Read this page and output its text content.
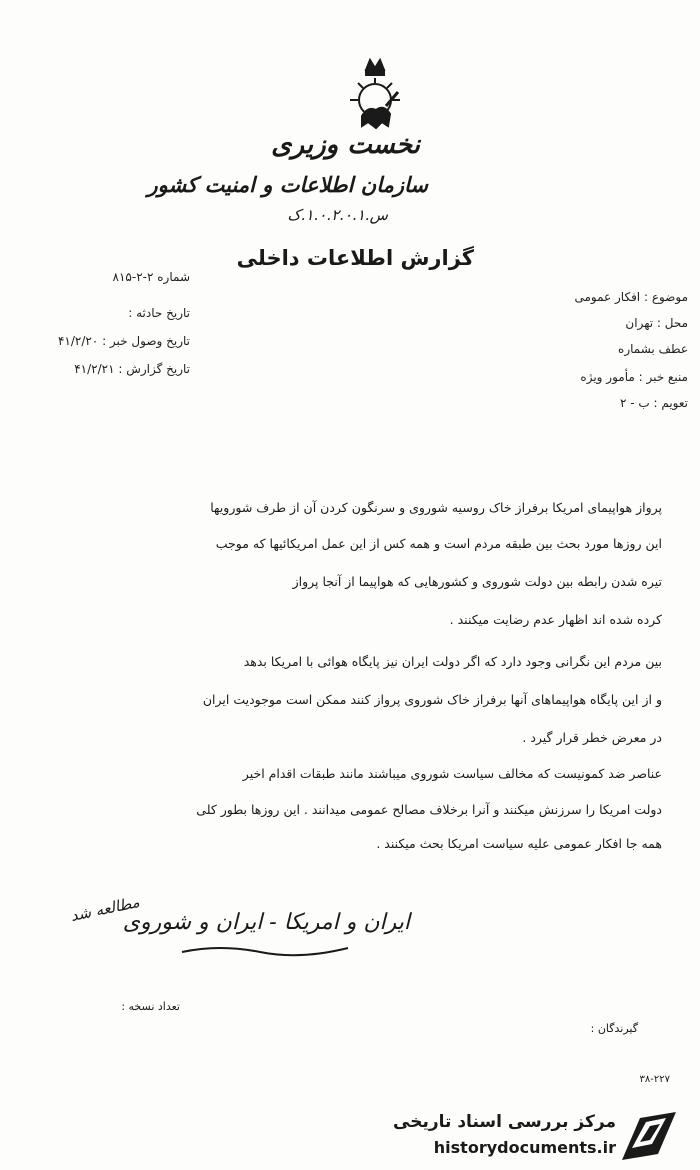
نخست وزیری
سازمان اطلاعات و امنیت کشور
س.۱.۰.۲.۰.۱.ک
گزارش اطلاعات داخلی
شماره ۲-۲-۸۱۵
تاریخ حادثه :
تاریخ وصول خبر : ۴۱/۲/۲۰
تاریخ گزارش : ۴۱/۲/۲۱
موضوع : افکار عمومی
محل : تهران
عطف بشماره
منبع خبر : مأمور ویژه
تعویم : ب - ۲
پرواز هواپیمای امریکا برفراز خاک روسیه شوروی و سرنگون کردن آن از طرف شورویها
این روزها مورد بحث بین طبقه مردم است و همه کس از این عمل امریکائیها که موجب
تیره شدن رابطه بین دولت شوروی و کشورهایی که هواپیما از آنجا پرواز
کرده شده اند اظهار عدم رضایت میکنند .
بین مردم این نگرانی وجود دارد که اگر دولت ایران نیز پایگاه هوائی با امریکا بدهد
و از این پایگاه هواپیماهای آنها برفراز خاک شوروی پرواز کنند ممکن است موجودیت ایران
در معرض خطر قرار گیرد .
عناصر ضد کمونیست که مخالف سیاست شوروی میباشند مانند طبقات اقدام اخیر
دولت امریکا را سرزنش میکنند و آنرا برخلاف مصالح عمومی میدانند . این روزها بطور کلی
همه جا افکار عمومی علیه سیاست امریکا بحث میکنند .
ایران و امریکا - ایران و شوروی
مطالعه شد
تعداد نسخه :
گیرندگان :
۳۸-۲۲۷
مرکز بررسی اسناد تاریخی
historydocuments.ir
